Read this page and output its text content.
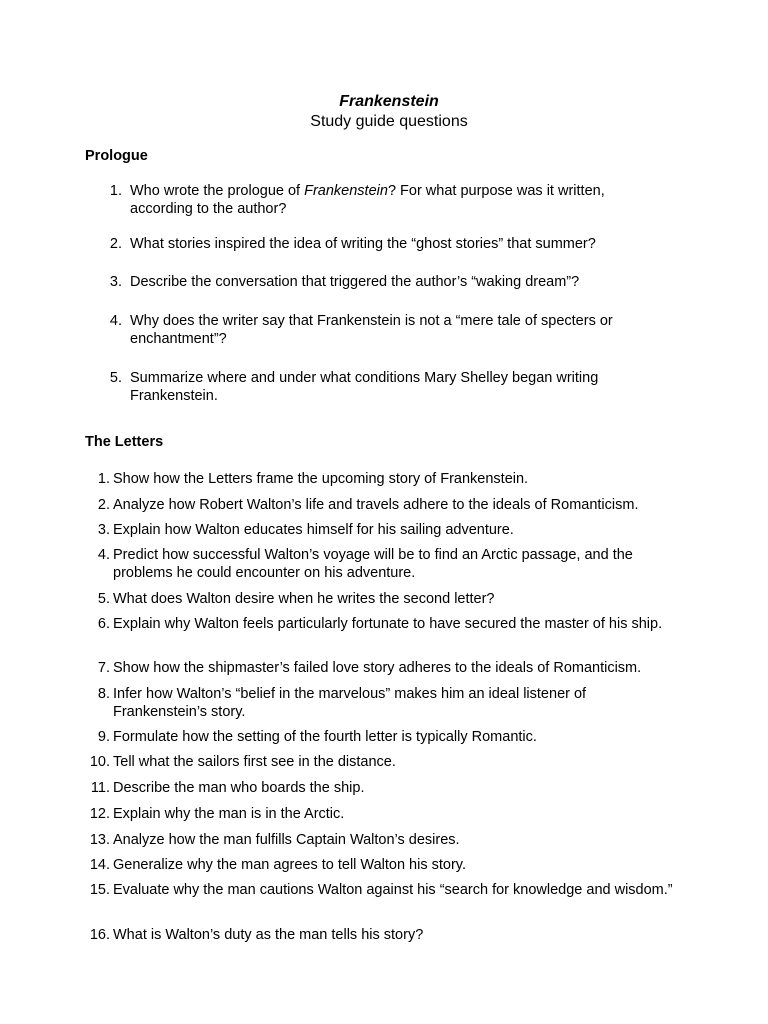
Frankenstein
Study guide questions
Prologue
1. Who wrote the prologue of Frankenstein? For what purpose was it written, according to the author?
2. What stories inspired the idea of writing the “ghost stories” that summer?
3. Describe the conversation that triggered the author’s “waking dream”?
4. Why does the writer say that Frankenstein is not a “mere tale of specters or enchantment”?
5. Summarize where and under what conditions Mary Shelley began writing Frankenstein.
The Letters
1. Show how the Letters frame the upcoming story of Frankenstein.
2. Analyze how Robert Walton’s life and travels adhere to the ideals of Romanticism.
3. Explain how Walton educates himself for his sailing adventure.
4. Predict how successful Walton’s voyage will be to find an Arctic passage, and the problems he could encounter on his adventure.
5. What does Walton desire when he writes the second letter?
6. Explain why Walton feels particularly fortunate to have secured the master of his ship.
7. Show how the shipmaster’s failed love story adheres to the ideals of Romanticism.
8. Infer how Walton’s “belief in the marvelous” makes him an ideal listener of Frankenstein’s story.
9. Formulate how the setting of the fourth letter is typically Romantic.
10. Tell what the sailors first see in the distance.
11. Describe the man who boards the ship.
12. Explain why the man is in the Arctic.
13. Analyze how the man fulfills Captain Walton’s desires.
14. Generalize why the man agrees to tell Walton his story.
15. Evaluate why the man cautions Walton against his “search for knowledge and wisdom.”
16. What is Walton’s duty as the man tells his story?
